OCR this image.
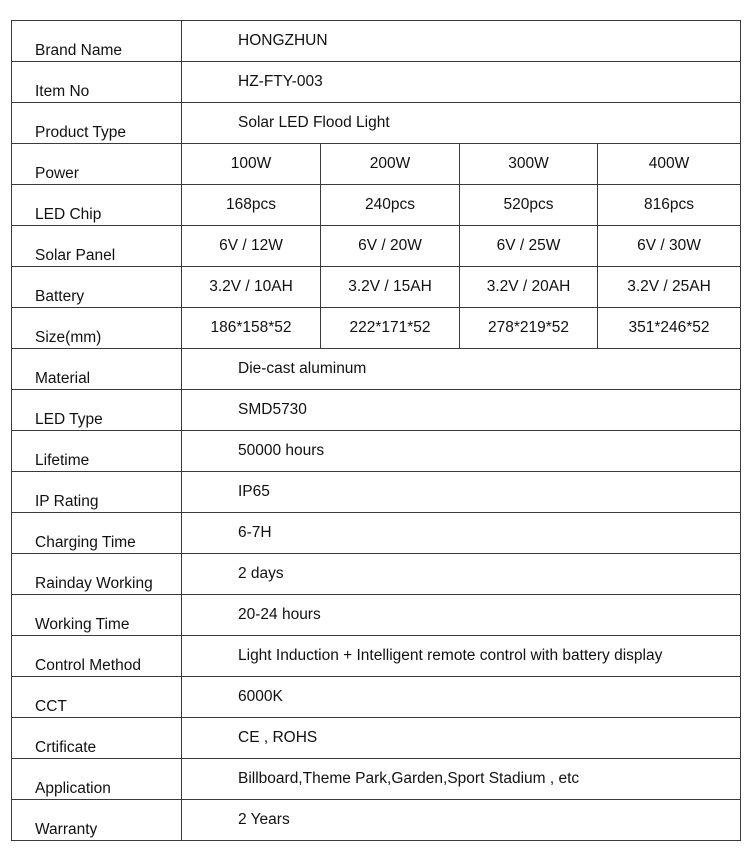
Brand Name	HONGZHUN			
Item No	HZ-FTY-003			
Product Type	Solar LED Flood Light			
Power	100W	200W	300W	400W
LED Chip	168pcs	240pcs	520pcs	816pcs
Solar Panel	6V / 12W	6V / 20W	6V / 25W	6V / 30W
Battery	3.2V / 10AH	3.2V / 15AH	3.2V / 20AH	3.2V / 25AH
Size(mm)	186*158*52	222*171*52	278*219*52	351*246*52
Material	Die-cast aluminum			
LED Type	SMD5730			
Lifetime	50000 hours			
IP Rating	IP65			
Charging Time	6-7H			
Rainday Working	2 days			
Working Time	20-24 hours			
Control Method	Light Induction + Intelligent remote control with battery display			
CCT	6000K			
Crtificate	CE , ROHS			
Application	Billboard,Theme Park,Garden,Sport Stadium , etc			
Warranty	2 Years			
